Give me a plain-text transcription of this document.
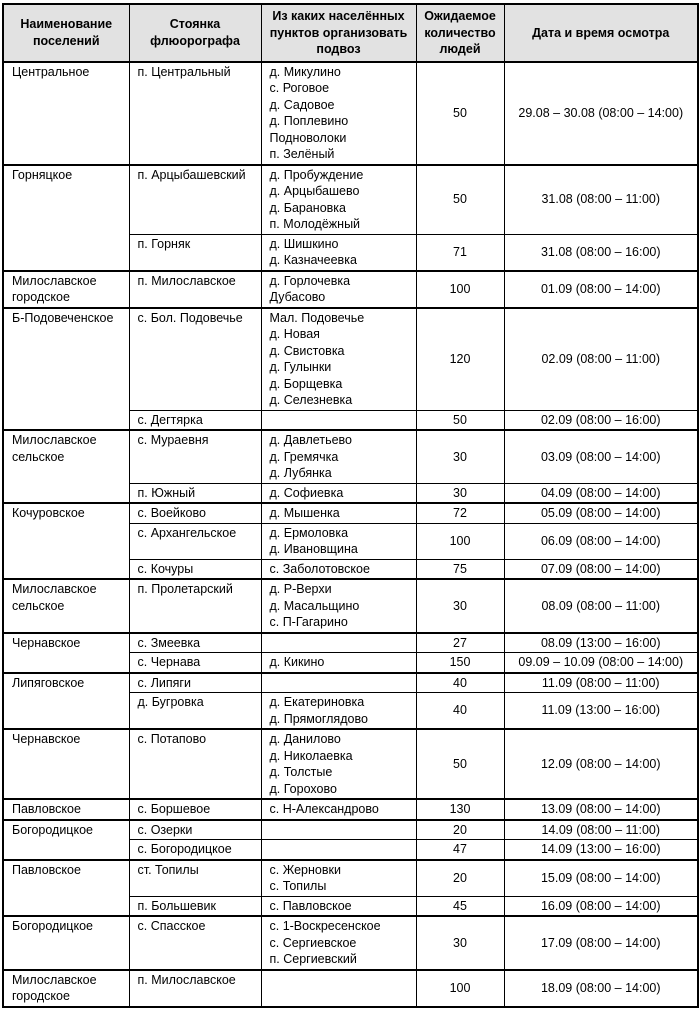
Наименование поселений	Стоянка флюорографа	Из каких населённых пунктов организовать подвоз	Ожидаемое количество людей	Дата и время осмотра
Центральное	п. Центральный	д. Микулино
с. Роговое
д. Садовое
д. Поплевино
Подноволоки
п. Зелёный
	50	29.08 – 30.08 (08:00 – 14:00)
Горняцкое	п. Арцыбашевский	д. Пробуждение
д. Арцыбашево
д. Барановка
п. Молодёжный	50	31.08 (08:00 – 11:00)
	п. Горняк	д. Шишкино
д. Казначеевка	71	31.08 (08:00 – 16:00)
Милославское городское	п. Милославское	д. Горлочевка
Дубасово	100	01.09 (08:00 – 14:00)
Б-Подовеченское	с. Бол. Подовечье	Мал. Подовечье
д. Новая
д. Свистовка
д. Гулынки
д. Борщевка
д. Селезневка
	120	02.09 (08:00 – 11:00)
	с. Дегтярка		50	02.09 (08:00 – 16:00)
Милославское сельское	с. Мураевня	д. Давлетьево
д. Гремячка
д. Лубянка	30	03.09 (08:00 – 14:00)
	п. Южный	д. Софиевка	30	04.09 (08:00 – 14:00)
Кочуровское	с. Воейково	д. Мышенка	72	05.09 (08:00 – 14:00)
	с. Архангельское	д. Ермоловка
д. Ивановщина	100	06.09 (08:00 – 14:00)
	с. Кочуры	с. Заболотовское	75	07.09 (08:00 – 14:00)
Милославское сельское	п. Пролетарский	д. Р-Верхи
д. Масальщино
с. П-Гагарино	30	08.09 (08:00 – 11:00)
Чернавское	с. Змеевка		27	08.09 (13:00 – 16:00)
	с. Чернава	д. Кикино	150	09.09 – 10.09 (08:00 – 14:00)
Липяговское	с. Липяги		40	11.09 (08:00 – 11:00)
	д. Бугровка	д. Екатериновка
д. Прямоглядово	40	11.09 (13:00 – 16:00)
Чернавское	с. Потапово	д. Данилово
д. Николаевка
д. Толстые
д. Горохово	50	12.09 (08:00 – 14:00)
Павловское	с. Боршевое	с. Н-Александрово	130	13.09 (08:00 – 14:00)
Богородицкое	с. Озерки		20	14.09 (08:00 – 11:00)
	с. Богородицкое		47	14.09 (13:00 – 16:00)
Павловское	ст. Топилы	с. Жерновки
с. Топилы	20	15.09 (08:00 – 14:00)
	п. Большевик	с. Павловское	45	16.09 (08:00 – 14:00)
Богородицкое	с. Спасское	с. 1-Воскресенское
с. Сергиевское
п. Сергиевский	30	17.09 (08:00 – 14:00)
Милославское городское	п. Милославское		100	18.09 (08:00 – 14:00)
